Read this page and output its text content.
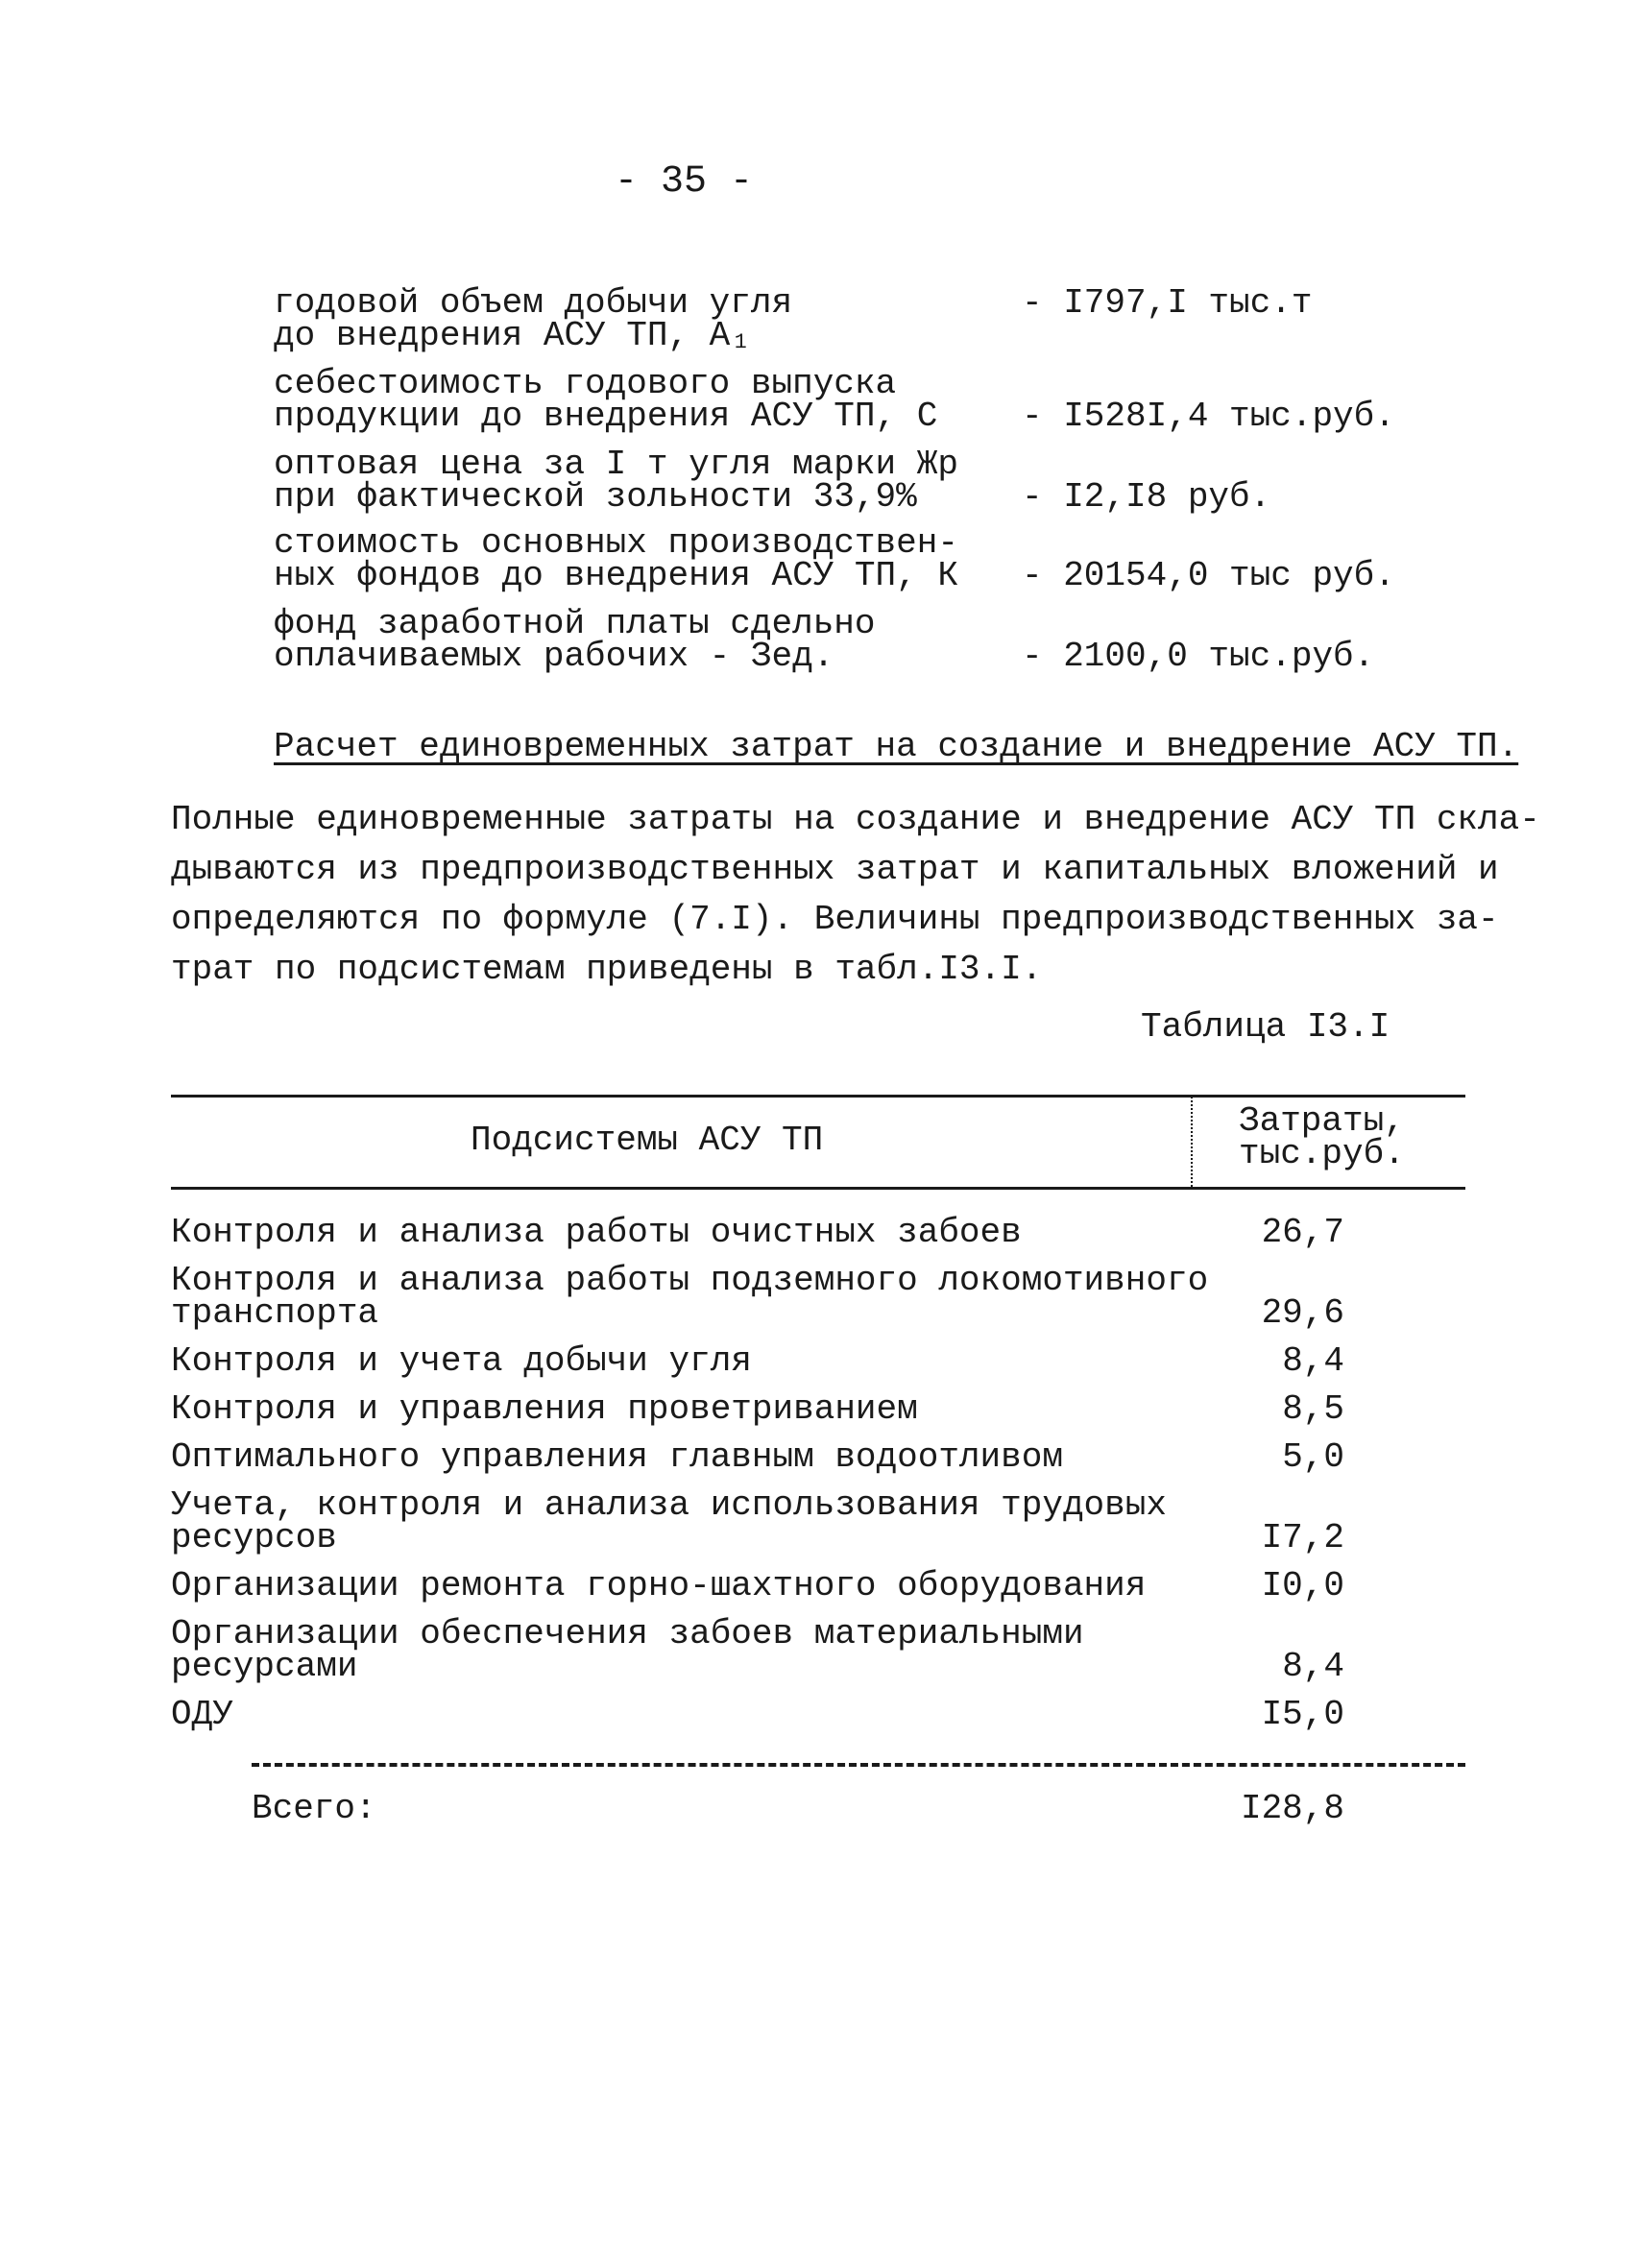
- 35 -
годовой объем добычи угля
до внедрения АСУ ТП, А₁
- I797,I тыс.т
себестоимость годового выпуска
продукции до внедрения АСУ ТП, С - I528I,4 тыс.руб.
оптовая цена за I т угля марки Жр
при фактической зольности 33,9%	- I2,I8 руб.
стоимость основных производствен-
ных фондов до внедрения АСУ ТП, К - 20154,0 тыс руб.
фонд заработной платы сдельно
оплачиваемых рабочих - Зед.	- 2100,0 тыс.руб.
Расчет единовременных затрат на создание и внедрение АСУ ТП.
Полные единовременные затраты на создание и внедрение АСУ ТП скла-
дываются из предпроизводственных затрат и капитальных вложений и
определяются по формуле (7.I). Величины предпроизводственных за-
трат по подсистемам приведены в табл.I3.I.
Таблица I3.I
Подсистемы АСУ ТП	Затраты,
тыс.руб.
Контроля и анализа работы очистных забоев	26,7
Контроля и анализа работы подземного локомотивного
транспорта	29,6
Контроля и учета добычи угля	8,4
Контроля и управления проветриванием	8,5
Оптимального управления главным водоотливом	5,0
Учета, контроля и анализа использования трудовых
ресурсов	I7,2
Организации ремонта горно-шахтного оборудования	I0,0
Организации обеспечения забоев материальными
ресурсами	8,4
ОДУ	I5,0
Всего:	I28,8
